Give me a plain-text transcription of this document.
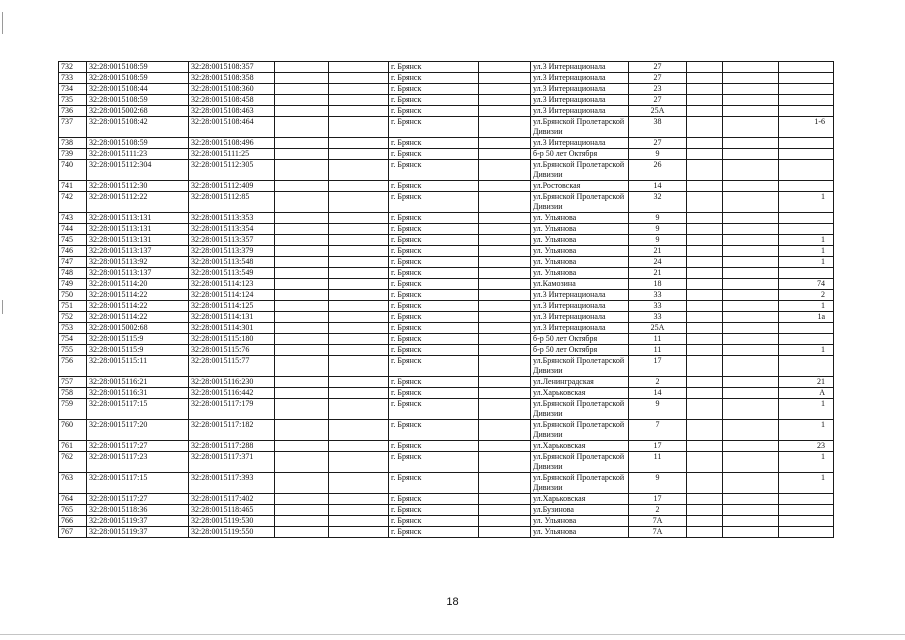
732	32:28:0015108:59	32:28:0015108:357			г. Брянск		ул.3 Интернационала	27			
733	32:28:0015108:59	32:28:0015108:358			г. Брянск		ул.3 Интернационала	27			
734	32:28:0015108:44	32:28:0015108:360			г. Брянск		ул.3 Интернационала	23			
735	32:28:0015108:59	32:28:0015108:458			г. Брянск		ул.3 Интернационала	27			
736	32:28:0015002:68	32:28:0015108:463			г. Брянск		ул.3 Интернационала	25А			
737	32:28:0015108:42	32:28:0015108:464			г. Брянск		ул.Брянской Пролетарской Дивизии	38			1-6
738	32:28:0015108:59	32:28:0015108:496			г. Брянск		ул.3 Интернационала	27			
739	32:28:0015111:23	32:28:0015111:25			г. Брянск		б-р 50 лет Октября	9			
740	32:28:0015112:304	32:28:0015112:305			г. Брянск		ул.Брянской Пролетарской Дивизии	26			
741	32:28:0015112:30	32:28:0015112:409			г. Брянск		ул.Ростовская	14			
742	32:28:0015112:22	32:28:0015112:85			г. Брянск		ул.Брянской Пролетарской Дивизии	32			1
743	32:28:0015113:131	32:28:0015113:353			г. Брянск		ул. Ульянова	9			
744	32:28:0015113:131	32:28:0015113:354			г. Брянск		ул. Ульянова	9			
745	32:28:0015113:131	32:28:0015113:357			г. Брянск		ул. Ульянова	9			1
746	32:28:0015113:137	32:28:0015113:379			г. Брянск		ул. Ульянова	21			1
747	32:28:0015113:92	32:28:0015113:548			г. Брянск		ул. Ульянова	24			1
748	32:28:0015113:137	32:28:0015113:549			г. Брянск		ул. Ульянова	21			
749	32:28:0015114:20	32:28:0015114:123			г. Брянск		ул.Камозина	18			74
750	32:28:0015114:22	32:28:0015114:124			г. Брянск		ул.3 Интернационала	33			2
751	32:28:0015114:22	32:28:0015114:125			г. Брянск		ул.3 Интернационала	33			1
752	32:28:0015114:22	32:28:0015114:131			г. Брянск		ул.3 Интернационала	33			1а
753	32:28:0015002:68	32:28:0015114:301			г. Брянск		ул.3 Интернационала	25А			
754	32:28:0015115:9	32:28:0015115:180			г. Брянск		б-р 50 лет Октября	11			
755	32:28:0015115:9	32:28:0015115:76			г. Брянск		б-р 50 лет Октября	11			1
756	32:28:0015115:11	32:28:0015115:77			г. Брянск		ул.Брянской Пролетарской Дивизии	17			
757	32:28:0015116:21	32:28:0015116:230			г. Брянск		ул.Ленинградская	2			21
758	32:28:0015116:31	32:28:0015116:442			г. Брянск		ул.Харьковская	14			А
759	32:28:0015117:15	32:28:0015117:179			г. Брянск		ул.Брянской Пролетарской Дивизии	9			1
760	32:28:0015117:20	32:28:0015117:182			г. Брянск		ул.Брянской Пролетарской Дивизии	7			1
761	32:28:0015117:27	32:28:0015117:288			г. Брянск		ул.Харьковская	17			23
762	32:28:0015117:23	32:28:0015117:371			г. Брянск		ул.Брянской Пролетарской Дивизии	11			1
763	32:28:0015117:15	32:28:0015117:393			г. Брянск		ул.Брянской Пролетарской Дивизии	9			1
764	32:28:0015117:27	32:28:0015117:402			г. Брянск		ул.Харьковская	17			
765	32:28:0015118:36	32:28:0015118:465			г. Брянск		ул.Бузинова	2			
766	32:28:0015119:37	32:28:0015119:530			г. Брянск		ул. Ульянова	7А			
767	32:28:0015119:37	32:28:0015119:550			г. Брянск		ул. Ульянова	7А			
18
